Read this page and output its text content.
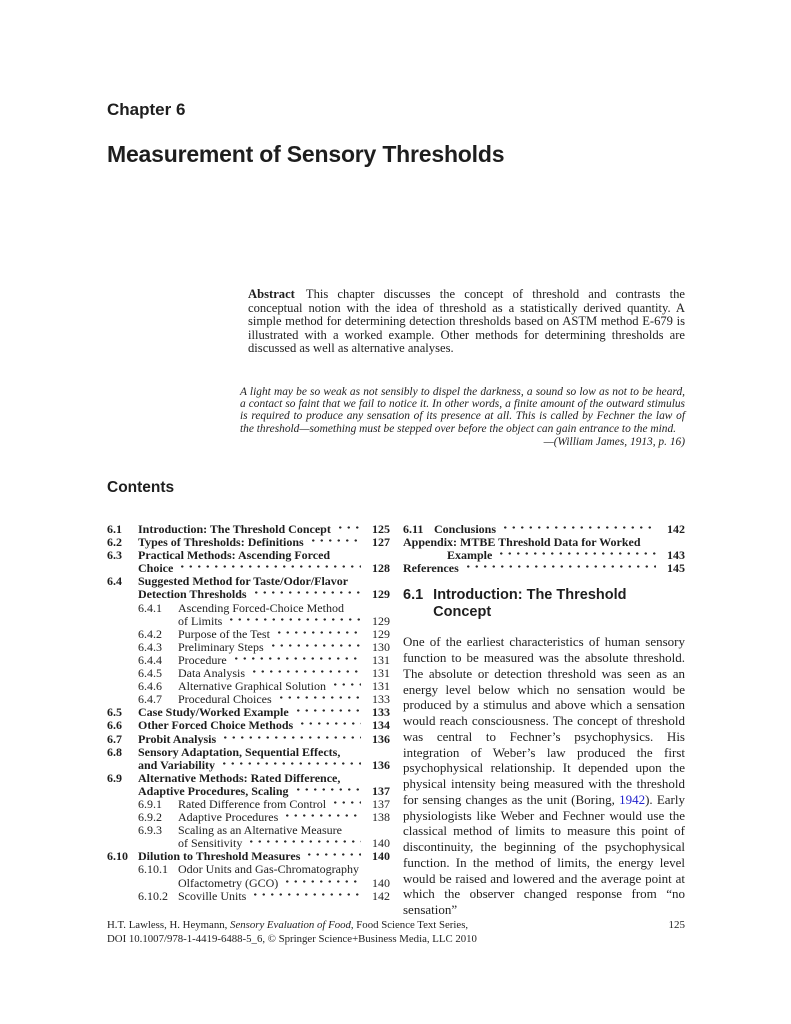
Chapter 6
Measurement of Sensory Thresholds

Abstract This chapter discusses the concept of threshold and contrasts the conceptual notion with the idea of threshold as a statistically derived quantity. A simple method for determining detection thresholds based on ASTM method E-679 is illustrated with a worked example. Other methods for determining thresholds are discussed as well as alternative analyses.

A light may be so weak as not sensibly to dispel the darkness, a sound so low as not to be heard, a contact so faint that we fail to notice it. In other words, a finite amount of the outward stimulus is required to produce any sensation of its presence at all. This is called by Fechner the law of the threshold—something must be stepped over before the object can gain entrance to the mind.
—(William James, 1913, p. 16)
Contents
6.1	Introduction: The Threshold Concept	125
6.2	Types of Thresholds: Definitions	127
6.3	Practical Methods: Ascending Forced
Choice	128
6.4	Suggested Method for Taste/Odor/Flavor
Detection Thresholds	129
6.4.1	Ascending Forced-Choice Method
of Limits	129
6.4.2	Purpose of the Test	129
6.4.3	Preliminary Steps	130
6.4.4	Procedure	131
6.4.5	Data Analysis	131
6.4.6	Alternative Graphical Solution	131
6.4.7	Procedural Choices	133
6.5	Case Study/Worked Example	133
6.6	Other Forced Choice Methods	134
6.7	Probit Analysis	136
6.8	Sensory Adaptation, Sequential Effects,
and Variability	136
6.9	Alternative Methods: Rated Difference,
Adaptive Procedures, Scaling	137
6.9.1	Rated Difference from Control	137
6.9.2	Adaptive Procedures	138
6.9.3	Scaling as an Alternative Measure
of Sensitivity	140
6.10 Dilution to Threshold Measures	140
6.10.1 Odor Units and Gas-Chromatography
Olfactometry (GCO)	140
6.10.2 Scoville Units	142
6.11 Conclusions	142
Appendix: MTBE Threshold Data for Worked
Example	143
References	145
6.1 Introduction: The Threshold Concept

One of the earliest characteristics of human sensory function to be measured was the absolute threshold. The absolute or detection threshold was seen as an energy level below which no sensation would be produced by a stimulus and above which a sensation would reach consciousness. The concept of threshold was central to Fechner’s psychophysics. His integration of Weber’s law produced the first psychophysical relationship. It depended upon the physical intensity being measured with the threshold for sensing changes as the unit (Boring, 1942). Early physiologists like Weber and Fechner would use the classical method of limits to measure this point of discontinuity, the beginning of the psychophysical function. In the method of limits, the energy level would be raised and lowered and the average point at which the observer changed response from “no sensation”

H.T. Lawless, H. Heymann, Sensory Evaluation of Food, Food Science Text Series,
DOI 10.1007/978-1-4419-6488-5_6, © Springer Science+Business Media, LLC 2010
125
